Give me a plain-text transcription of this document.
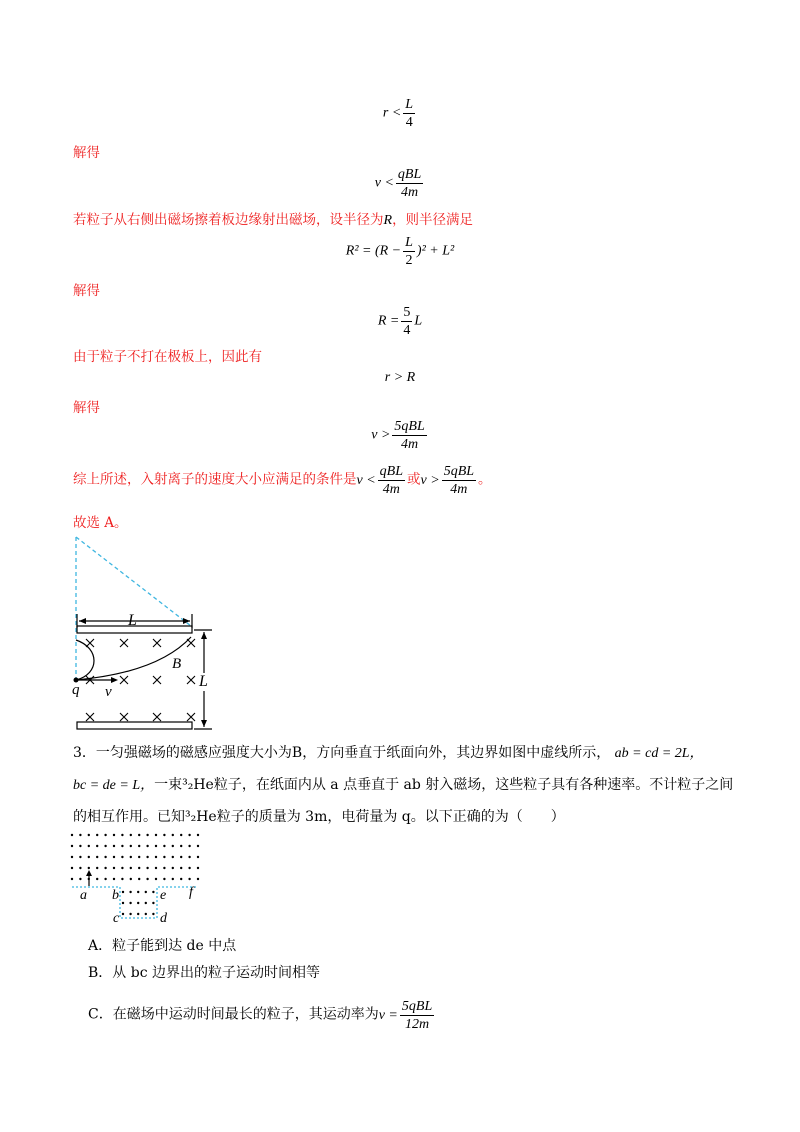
$r < \frac{L}{4}$
解得
$v < \frac{\text{qBL}}{4m}$
若粒子从右侧出磁场擦着板边缘射出磁场，设半径为R，则半径满足
$R^2 = (R - \frac{L}{2} )^2 + L^2$
解得
$R = \frac{5}{4}$ L
由于粒子不打在极板上，因此有
r > R
解得
$v > \frac{\text{5qBL}}{4m}$
综上所述，入射离子的速度大小应满足的条件是$v < \frac{\text{qBL}}{4m}$ 或$v > \frac{\text{5qBL}}{4m}$ 。
故选 A。
L
L
B
q v
3．一匀强磁场的磁感应强度大小为B，方向垂直于纸面向外，其边界如图中虚线所示， ab = cd = 2L，
bc = de = L，一束³₂He粒子，在纸面内从 a 点垂直于 ab 射入磁场，这些粒子具有各种速率。不计粒子之间
的相互作用。已知³₂He粒子的质量为 3m，电荷量为 q。以下正确的为（　　）
a b	e f
c	d
A．粒子能到达 de 中点
B．从 bc 边界出的粒子运动时间相等
C．在磁场中运动时间最长的粒子，其运动率为$v = \frac{\text{5qBL}}{12m}$
